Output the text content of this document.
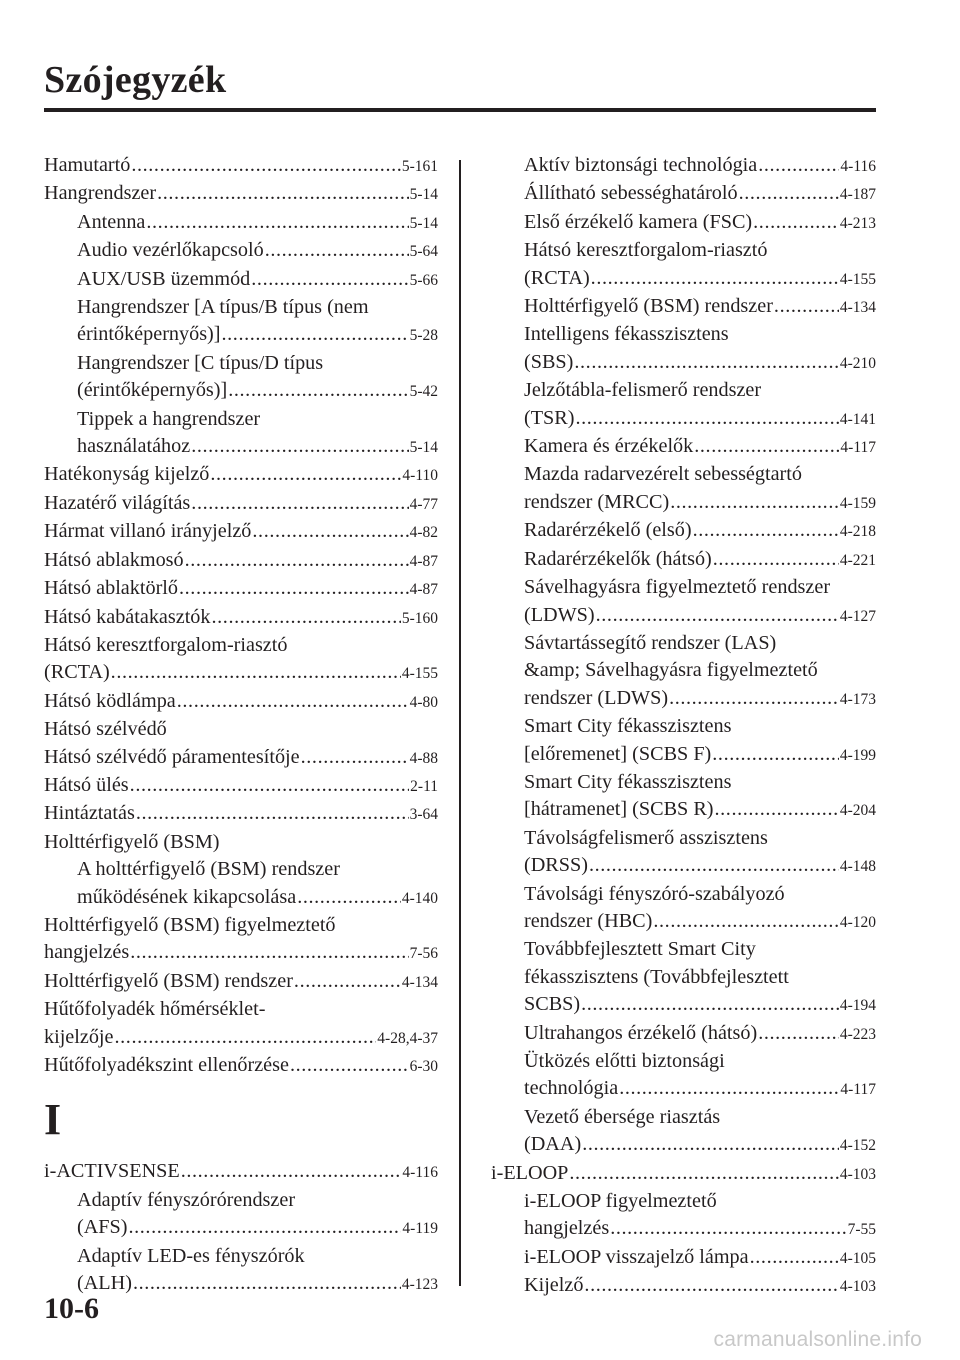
Szójegyzék
Hamutartó .....	5-161
Hangrendszer .....	5-14
Antenna .....	5-14
Audio vezérlőkapcsoló .....	5-64
AUX/USB üzemmód .....	5-66
Hangrendszer [A típus/B típus (nem
érintőképernyős)] .....	5-28
Hangrendszer [C típus/D típus
(érintőképernyős)] .....	5-42
Tippek a hangrendszer
használatához .....	5-14
Hatékonyság kijelző .....	4-110
Hazatérő világítás .....	4-77
Hármat villanó irányjelző .....	4-82
Hátsó ablakmosó .....	4-87
Hátsó ablaktörlő .....	4-87
Hátsó kabátakasztók .....	5-160
Hátsó keresztforgalom-riasztó
(RCTA) .....	4-155
Hátsó ködlámpa .....	4-80
Hátsó szélvédő
Hátsó szélvédő páramentesítője .....	4-88
Hátsó ülés .....	2-11
Hintáztatás .....	3-64
Holttérfigyelő (BSM)
A holttérfigyelő (BSM) rendszer
működésének kikapcsolása .....	4-140
Holttérfigyelő (BSM) figyelmeztető
hangjelzés .....	7-56
Holttérfigyelő (BSM) rendszer .....	4-134
Hűtőfolyadék hőmérséklet-
kijelzője .....	4-28,4-37
Hűtőfolyadékszint ellenőrzése .....	6-30
I
i-ACTIVSENSE .....	4-116
Adaptív fényszórórendszer
(AFS) .....	4-119
Adaptív LED-es fényszórók
(ALH) .....	4-123
Aktív biztonsági technológia .....	4-116
Állítható sebességhatároló .....	4-187
Első érzékelő kamera (FSC) .....	4-213
Hátsó keresztforgalom-riasztó
(RCTA) .....	4-155
Holttérfigyelő (BSM) rendszer .....	4-134
Intelligens fékasszisztens
(SBS) .....	4-210
Jelzőtábla-felismerő rendszer
(TSR) .....	4-141
Kamera és érzékelők .....	4-117
Mazda radarvezérelt sebességtartó
rendszer (MRCC) .....	4-159
Radarérzékelő (első) .....	4-218
Radarérzékelők (hátsó) .....	4-221
Sávelhagyásra figyelmeztető rendszer
(LDWS) .....	4-127
Sávtartássegítő rendszer (LAS)
&amp; Sávelhagyásra figyelmeztető
rendszer (LDWS) .....	4-173
Smart City fékasszisztens
[előremenet] (SCBS F) .....	4-199
Smart City fékasszisztens
[hátramenet] (SCBS R) .....	4-204
Távolságfelismerő asszisztens
(DRSS) .....	4-148
Távolsági fényszóró-szabályozó
rendszer (HBC) .....	4-120
Továbbfejlesztett Smart City
fékasszisztens (Továbbfejlesztett
SCBS) .....	4-194
Ultrahangos érzékelő (hátsó) .....	4-223
Ütközés előtti biztonsági
technológia .....	4-117
Vezető ébersége riasztás
(DAA) .....	4-152
i-ELOOP .....	4-103
i-ELOOP figyelmeztető
hangjelzés .....	7-55
i-ELOOP visszajelző lámpa .....	4-105
Kijelző .....	4-103
10-6
carmanualsonline.info
